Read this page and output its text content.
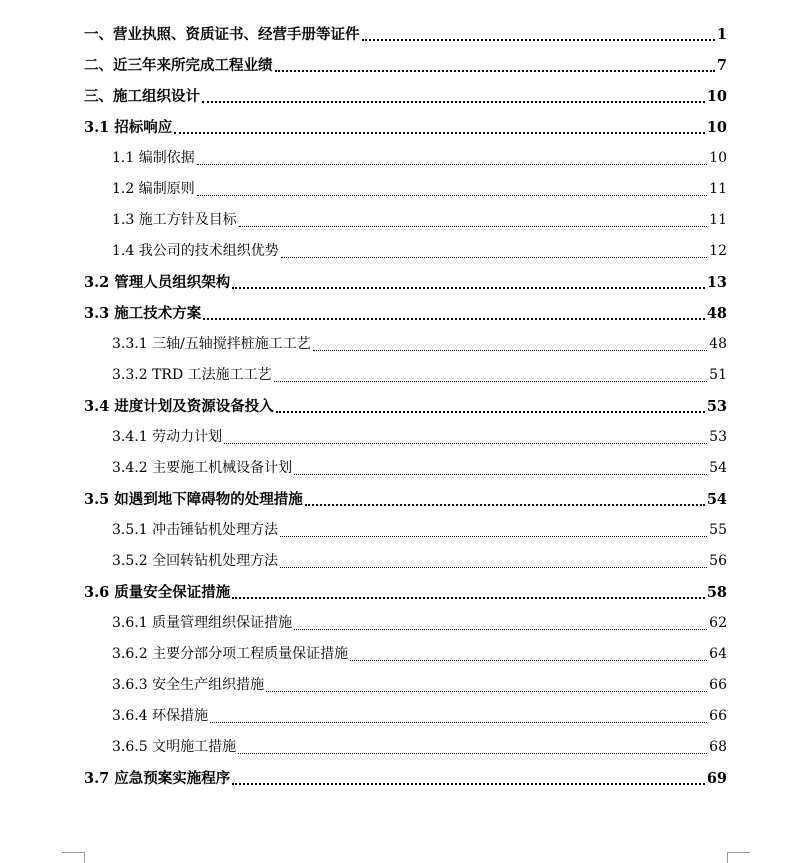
一、营业执照、资质证书、经营手册等证件	1
二、近三年来所完成工程业绩	7
三、施工组织设计	10
3.1 招标响应	10
1.1 编制依据	10
1.2 编制原则	11
1.3 施工方针及目标	11
1.4 我公司的技术组织优势	12
3.2 管理人员组织架构	13
3.3 施工技术方案	48
3.3.1 三轴/五轴搅拌桩施工工艺	48
3.3.2 TRD 工法施工工艺	51
3.4 进度计划及资源设备投入	53
3.4.1 劳动力计划	53
3.4.2 主要施工机械设备计划	54
3.5 如遇到地下障碍物的处理措施	54
3.5.1 冲击锤钻机处理方法	55
3.5.2 全回转钻机处理方法	56
3.6 质量安全保证措施	58
3.6.1 质量管理组织保证措施	62
3.6.2 主要分部分项工程质量保证措施	64
3.6.3 安全生产组织措施	66
3.6.4 环保措施	66
3.6.5 文明施工措施	68
3.7 应急预案实施程序	69
